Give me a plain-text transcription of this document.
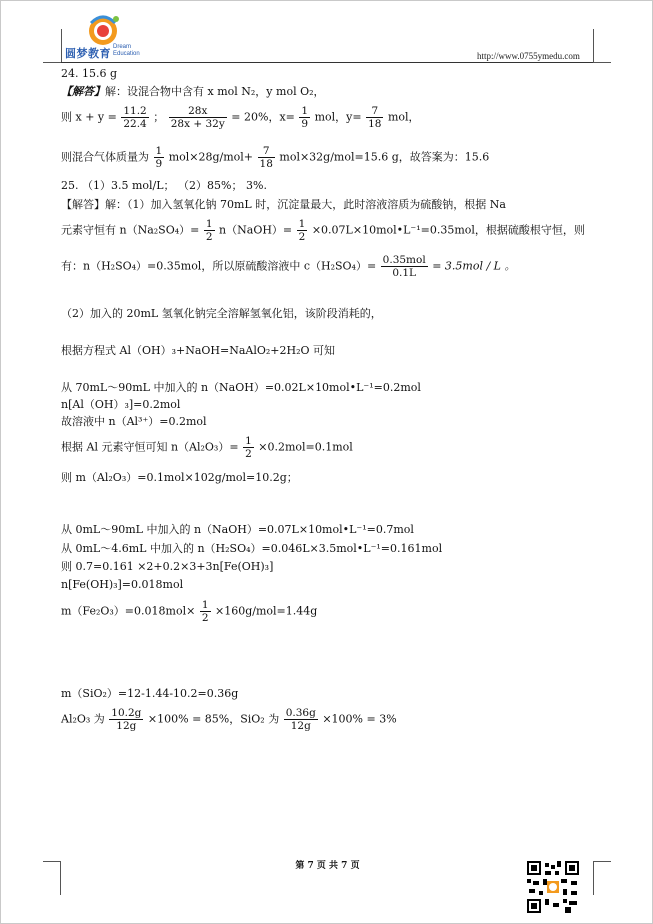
圆梦教育 Dream
Education	http://www.0755ymedu.com
24. 15.6 g
【解答】解：设混合物中含有 x mol N₂，y mol O₂，
则 $x + y = \frac{11.2}{22.4}$ ； $\frac{28x}{28x + 32y} = 20\%$，$x= \frac{1}{9}$ mol，$y= \frac{7}{18}$ mol，
则混合气体质量为 $\frac{1}{9} mol\times 28g/mol+ \frac{7}{18} mol\times 32g/mol=15.6$ g，故答案为：15.6
25. （1）3.5 mol/L； （2）85%； 3%.
【解答】解：（1）加入氢氧化钠 70mL 时，沉淀量最大，此时溶液溶质为硫酸钠，根据 Na
元素守恒有 $n(Na_2SO_4)= \frac{1}{2}$ n（NaOH）= $\frac{1}{2}$ ×0.07L×10mol•L⁻¹=0.35mol，根据硫酸根守恒，则
有：n（H₂SO₄）=0.35mol，所以原硫酸溶液中 $c(H_2SO_4)= \frac{\text{0.35mol}}{0.1L} = 3.5mol / L$ 。
（2）加入的 20mL 氢氧化钠完全溶解氢氧化铝，该阶段消耗的，
根据方程式 Al（OH）₃+NaOH=NaAlO₂+2H₂O 可知
从 70mL～90mL 中加入的 n（NaOH）=0.02L×10mol•L⁻¹=0.2mol
n[Al（OH）₃]=0.2mol
故溶液中 n（Al³⁺）=0.2mol
根据 Al 元素守恒可知 $n(Al_2O_3)= \frac{1}{2} \times 0.2mol=0.1mol$
则 m（Al₂O₃）=0.1mol×102g/mol=10.2g；
从 0mL～90mL 中加入的 n（NaOH）=0.07L×10mol•L⁻¹=0.7mol
从 0mL～4.6mL 中加入的 n（H₂SO₄）=0.046L×3.5mol•L⁻¹=0.161mol
则 0.7=0.161 ×2+0.2×3+3n[Fe(OH)₃]
n[Fe(OH)₃]=0.018mol
$m(Fe_2O_3)=0.018mol\times \frac{1}{2} \times 160g/mol=1.44g$
m（SiO₂）=12-1.44-10.2=0.36g
Al₂O₃ 为 $\frac{10.2g}{12g} \times 100\% = 85\%$，SiO₂ 为 $\frac{0.36g}{12g} \times 100\% = 3\%$
第 7 页 共 7 页
